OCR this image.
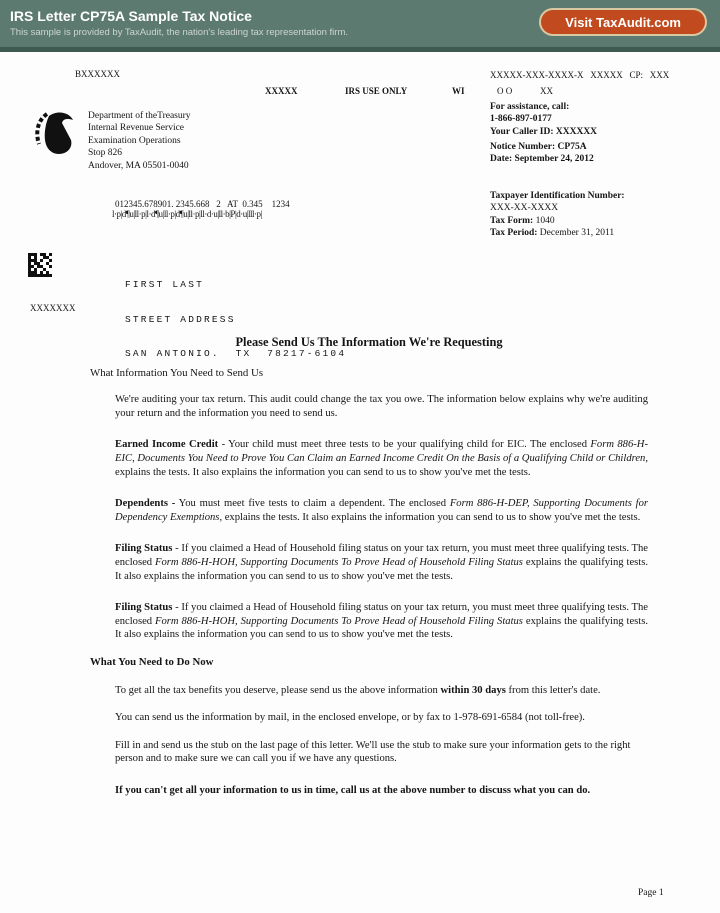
IRS Letter CP75A Sample Tax Notice
This sample is provided by TaxAudit, the nation's leading tax representation firm.
Visit TaxAudit.com
BXXXXXX	XXXXX-XXX-XXXX-X   XXXXX   CP:   XXX
XXXXX	IRS USE ONLY	WI	O O	XX
Department of theTreasury
Internal Revenue Service
Examination Operations
Stop 826
Andover, MA 05501-0040
For assistance, call:
1-866-897-0177
Your Caller ID: XXXXXX
Notice Number: CP75A
Date: September 24, 2012
012345.678901. 2345.668   2   AT  0.345    1234
l·p|d¶u|ll·p|l·d¶u|ll·p|d¶u|ll·p|ll·d·u|ll·b|P|d·u|lll·p|
Taxpayer Identification Number:
XXX-XX-XXXX
Tax Form: 1040
Tax Period: December 31, 2011

FIRST LAST

STREET ADDRESS

SAN ANTONIO.  TX  78217-6104

XXXXXXX
Please Send Us The Information We're Requesting
What Information You Need to Send Us

We're auditing your tax return. This audit could change the tax you owe. The information below explains why we're auditing your return and the information you need to send us.

Earned Income Credit - Your child must meet three tests to be your qualifying child for EIC. The enclosed Form 886-H-EIC, Documents You Need to Prove You Can Claim an Earned Income Credit On the Basis of a Qualifying Child or Children, explains the tests. It also explains the information you can send to us to show you've met the tests.

Dependents - You must meet five tests to claim a dependent. The enclosed Form 886-H-DEP, Supporting Documents for Dependency Exemptions, explains the tests. It also explains the information you can send to us to show you've met the tests.

Filing Status - If you claimed a Head of Household filing status on your tax return, you must meet three qualifying tests. The enclosed Form 886-H-HOH, Supporting Documents To Prove Head of Household Filing Status explains the qualifying tests. It also explains the information you can send to us to show you've met the tests.

Filing Status - If you claimed a Head of Household filing status on your tax return, you must meet three qualifying tests. The enclosed Form 886-H-HOH, Supporting Documents To Prove Head of Household Filing Status explains the qualifying tests. It also explains the information you can send to us to show you've met the tests.

What You Need to Do Now

To get all the tax benefits you deserve, please send us the above information within 30 days from this letter's date.

You can send us the information by mail, in the enclosed envelope, or by fax to 1-978-691-6584 (not toll-free).

Fill in and send us the stub on the last page of this letter. We'll use the stub to make sure your information gets to the right person and to make sure we can call you if we have any questions.

If you can't get all your information to us in time, call us at the above number to discuss what you can do.

Page 1
